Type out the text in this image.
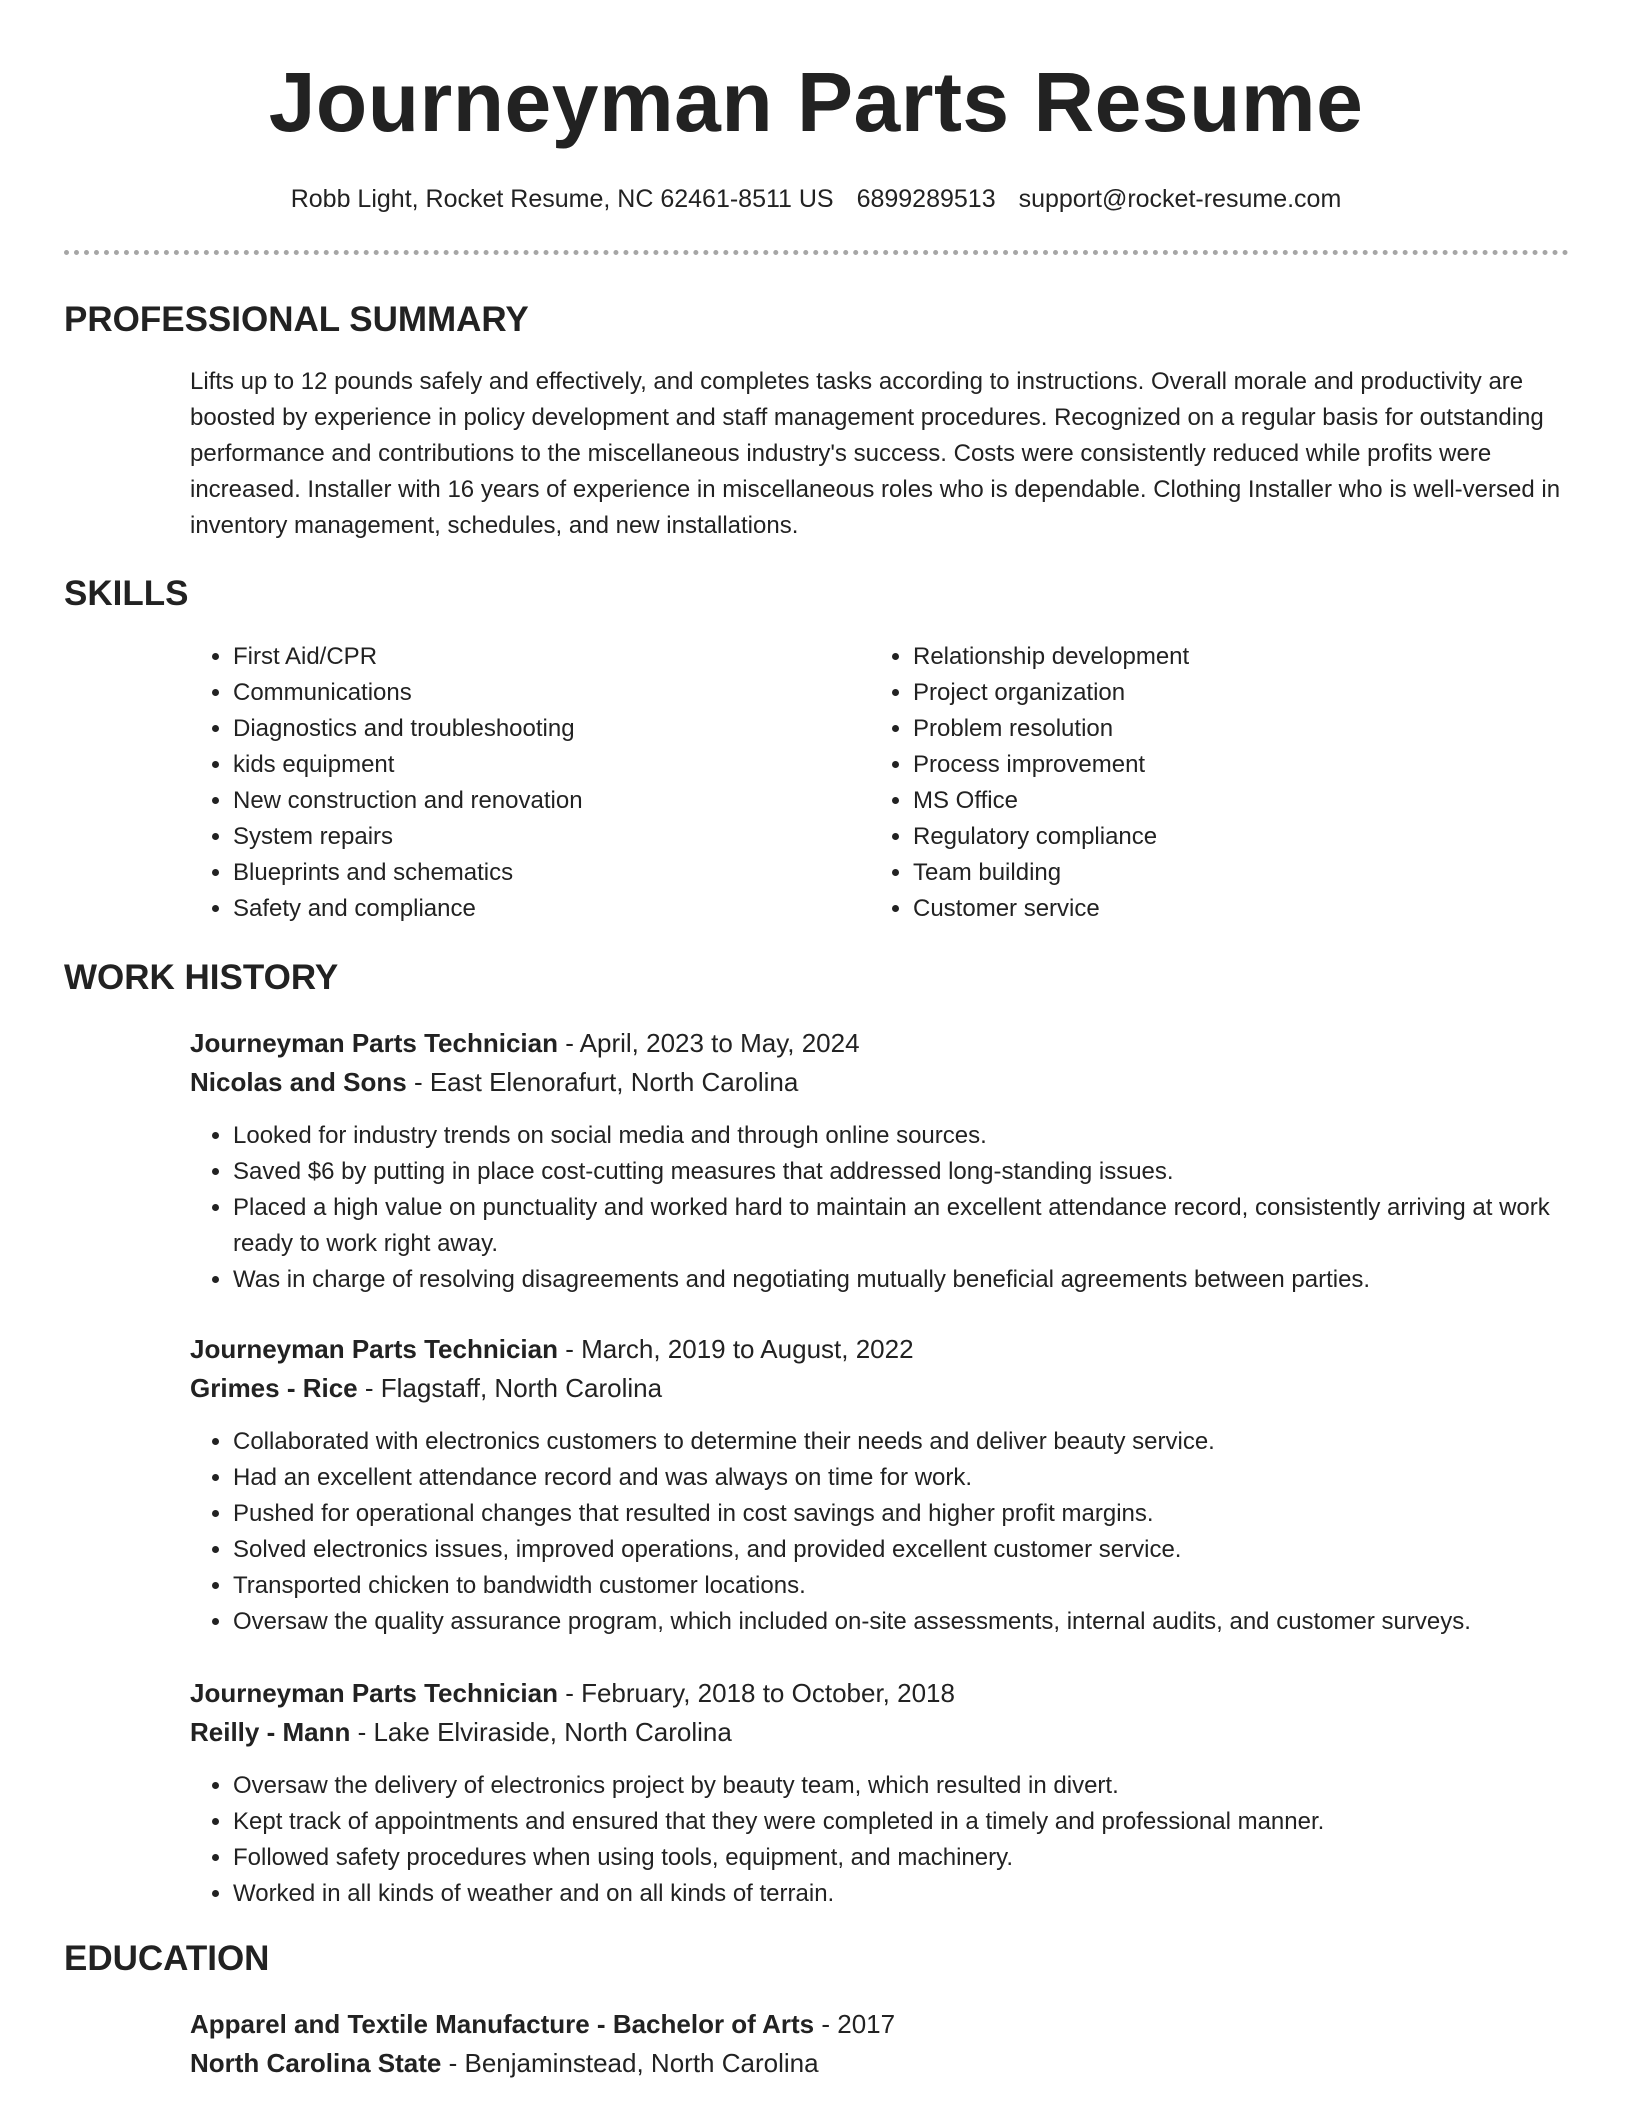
Journeyman Parts Resume
Robb Light, Rocket Resume, NC 62461-8511 US 6899289513 support@rocket-resume.com
PROFESSIONAL SUMMARY

Lifts up to 12 pounds safely and effectively, and completes tasks according to instructions. Overall morale and productivity are boosted by experience in policy development and staff management procedures. Recognized on a regular basis for outstanding performance and contributions to the miscellaneous industry's success. Costs were consistently reduced while profits were increased. Installer with 16 years of experience in miscellaneous roles who is dependable. Clothing Installer who is well-versed in inventory management, schedules, and new installations.

SKILLS
• First Aid/CPR
• Communications
• Diagnostics and troubleshooting
• kids equipment
• New construction and renovation
• System repairs
• Blueprints and schematics
• Safety and compliance
• Relationship development
• Project organization
• Problem resolution
• Process improvement
• MS Office
• Regulatory compliance
• Team building
• Customer service
WORK HISTORY
Journeyman Parts Technician - April, 2023 to May, 2024
Nicolas and Sons - East Elenorafurt, North Carolina
• Looked for industry trends on social media and through online sources.
• Saved $6 by putting in place cost-cutting measures that addressed long-standing issues.
• Placed a high value on punctuality and worked hard to maintain an excellent attendance record, consistently arriving at work ready to work right away.
• Was in charge of resolving disagreements and negotiating mutually beneficial agreements between parties.
Journeyman Parts Technician - March, 2019 to August, 2022
Grimes - Rice - Flagstaff, North Carolina
• Collaborated with electronics customers to determine their needs and deliver beauty service.
• Had an excellent attendance record and was always on time for work.
• Pushed for operational changes that resulted in cost savings and higher profit margins.
• Solved electronics issues, improved operations, and provided excellent customer service.
• Transported chicken to bandwidth customer locations.
• Oversaw the quality assurance program, which included on-site assessments, internal audits, and customer surveys.
Journeyman Parts Technician - February, 2018 to October, 2018
Reilly - Mann - Lake Elviraside, North Carolina
• Oversaw the delivery of electronics project by beauty team, which resulted in divert.
• Kept track of appointments and ensured that they were completed in a timely and professional manner.
• Followed safety procedures when using tools, equipment, and machinery.
• Worked in all kinds of weather and on all kinds of terrain.
EDUCATION
Apparel and Textile Manufacture - Bachelor of Arts - 2017
North Carolina State - Benjaminstead, North Carolina
